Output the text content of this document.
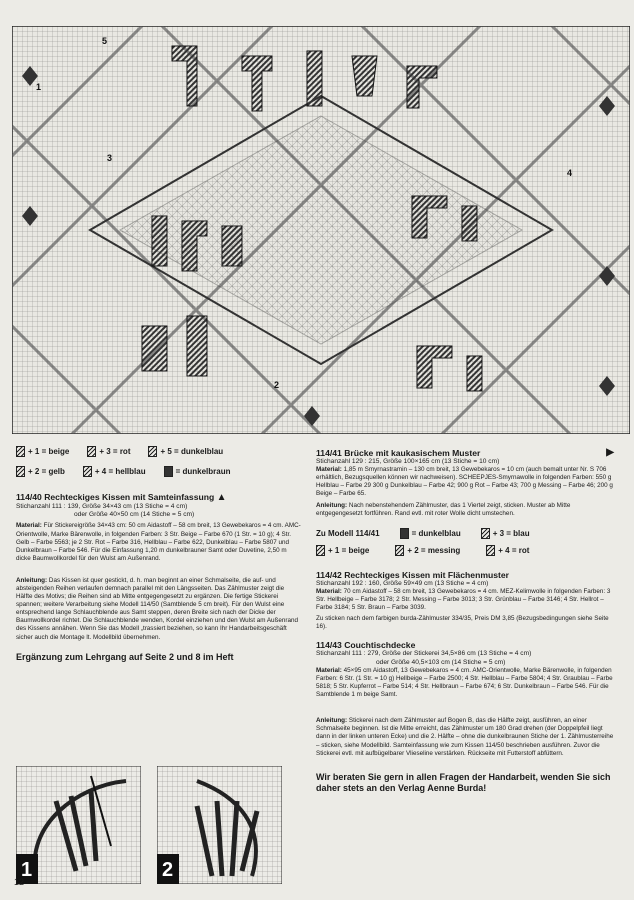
1
2
3
4
5
+ 1 = beige	+ 3 = rot	+ 5 = dunkelblau
+ 2 = gelb	+ 4 = hellblau	= dunkelbraun
114/40 Rechteckiges Kissen mit Samteinfassung ▲
Stichanzahl 111 : 139, Größe 34×43 cm (13 Stiche = 4 cm)
oder Größe 40×50 cm (14 Stiche = 5 cm)

Material: Für Stickereigröße 34×43 cm: 50 cm Aidastoff – 58 cm breit, 13 Gewebekaros = 4 cm. AMC-Orientwolle, Marke Bärenwolle, in folgenden Farben: 3 Str. Beige – Farbe 670 (1 Str. = 10 g); 4 Str. Gelb – Farbe 5563; je 2 Str. Rot – Farbe 316, Hellblau – Farbe 622, Dunkelblau – Farbe 5807 und Dunkelbraun – Farbe 546. Für die Einfassung 1,20 m dunkelbrauner Samt oder Duvetine, 2,50 m dicke Baumwollkordel für den Wulst am Außenrand.

Anleitung: Das Kissen ist quer gestickt, d. h. man beginnt an einer Schmalseite, die auf- und absteigenden Reihen verlaufen demnach parallel mit den Längsseiten. Das Zählmuster zeigt die Hälfte des Motivs; die Reihen sind ab Mitte entgegengesetzt zu ergänzen. Die fertige Stickerei spannen; weitere Verarbeitung siehe Modell 114/50 (Samtblende 5 cm breit). Für den Wulst eine entsprechend lange Schlauchblende aus Samt steppen, deren Breite sich nach der Dicke der Baumwollkordel richtet. Die Schlauchblende wenden, Kordel einziehen und den Wulst am Außenrand des Kissens annähen. Wenn Sie das Modell „trassiert beziehen, so kann Ihr Handarbeitsgeschäft sicher auch die Montage lt. Modellbild übernehmen.

Ergänzung zum Lehrgang auf Seite 2 und 8 im Heft
1	2
12
114/41 Brücke mit kaukasischem Muster	▶
Stichanzahl 129 : 215, Größe 100×165 cm (13 Stiche = 10 cm)

Material: 1,85 m Smyrnastramin – 130 cm breit, 13 Gewebekaros = 10 cm (auch bemalt unter Nr. S 706 erhältlich, Bezugsquellen können wir nachweisen). SCHEEPJES-Smyrnawolle in folgenden Farben: 550 g Hellblau – Farbe 29 300 g Dunkelblau – Farbe 42; 900 g Rot – Farbe 43; 700 g Messing – Farbe 46; 200 g Beige – Farbe 65.

Anleitung: Nach nebenstehendem Zählmuster, das 1 Viertel zeigt, sticken. Muster ab Mitte entgegengesetzt fortführen. Rand evtl. mit roter Wolle dicht umstechen.

Zu Modell 114/41	= dunkelblau	+ 3 = blau
+ 1 = beige	+ 2 = messing	+ 4 = rot
114/42 Rechteckiges Kissen mit Flächenmuster
Stichanzahl 192 : 160, Größe 59×49 cm (13 Stiche = 4 cm)

Material: 70 cm Aidastoff – 58 cm breit, 13 Gewebekaros = 4 cm. MEZ-Kelimwolle in folgenden Farben: 3 Str. Hellbeige – Farbe 3178; 2 Str. Messing – Farbe 3013; 3 Str. Grünblau – Farbe 3146; 4 Str. Hellrot – Farbe 3184; 5 Str. Braun – Farbe 3039.

Zu sticken nach dem farbigen burda-Zählmuster 334/35, Preis DM 3,85 (Bezugsbedingungen siehe Seite 16).

114/43 Couchtischdecke
Stichanzahl 111 : 279, Größe der Stickerei 34,5×86 cm (13 Stiche = 4 cm)
oder Größe 40,5×103 cm (14 Stiche = 5 cm)

Material: 45×95 cm Aidastoff, 13 Gewebekaros = 4 cm. AMC-Orientwolle, Marke Bärenwolle, in folgenden Farben: 6 Str. (1 Str. = 10 g) Hellbeige – Farbe 2500; 4 Str. Hellblau – Farbe 5804; 4 Str. Graublau – Farbe 5818; 5 Str. Kupferrot – Farbe 514; 4 Str. Hellbraun – Farbe 674; 6 Str. Dunkelbraun – Farbe 546. Für die Samtblende 1 m beige Samt.

Anleitung: Stickerei nach dem Zählmuster auf Bogen B, das die Hälfte zeigt, ausführen, an einer Schmalseite beginnen. Ist die Mitte erreicht, das Zählmuster um 180 Grad drehen (der Doppelpfeil liegt dann in der linken unteren Ecke) und die 2. Hälfte – ohne die dunkelbraunen Stiche der 1. Zählmusterreihe – sticken, siehe Modellbild. Samteinfassung wie zum Kissen 114/50 beschrieben ausführen. Zuvor die Stickerei evtl. mit aufbügelbarer Vlieseline verstärken. Rückseite mit Futterstoff abfüttern.

Wir beraten Sie gern in allen Fragen der Handarbeit, wenden Sie sich daher stets an den Verlag Aenne Burda!
